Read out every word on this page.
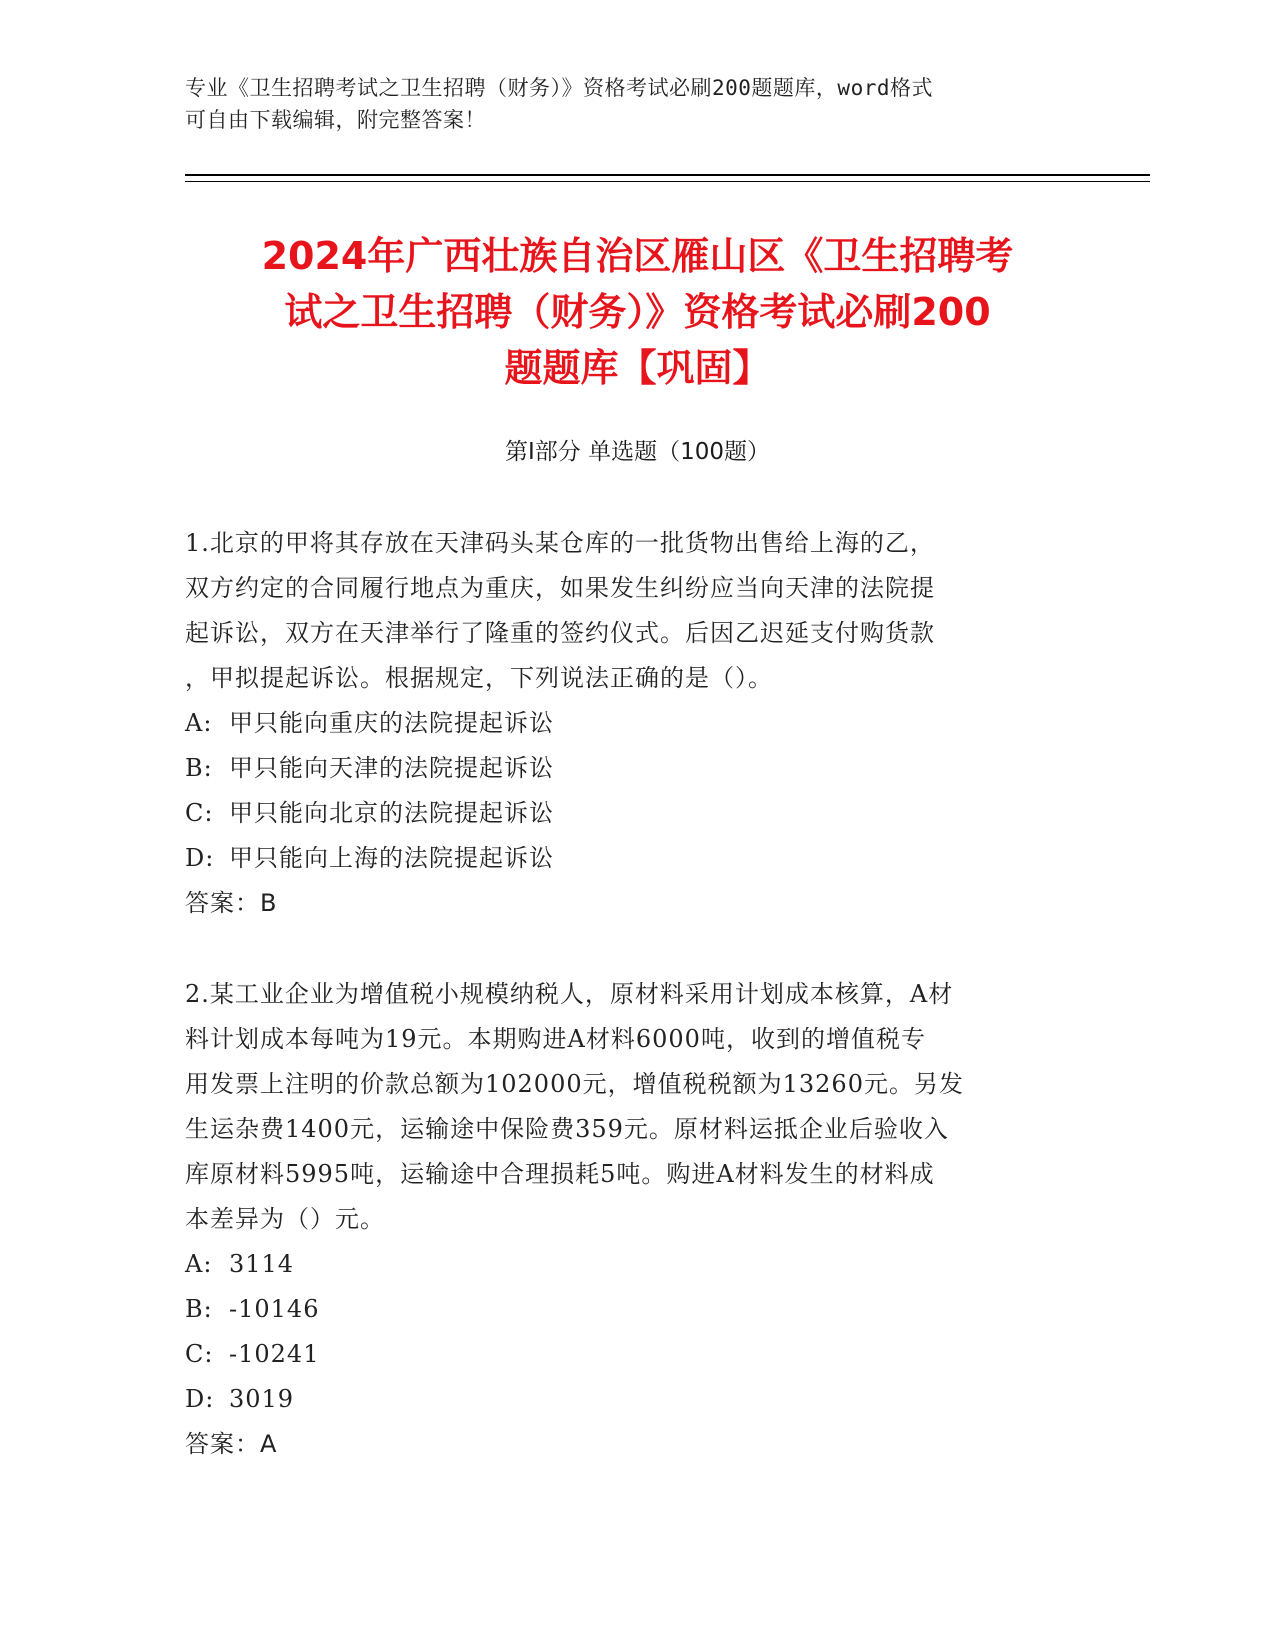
专业《卫生招聘考试之卫生招聘（财务）》资格考试必刷200题题库，word格式
可自由下载编辑，附完整答案！
2024年广西壮族自治区雁山区《卫生招聘考
试之卫生招聘（财务）》资格考试必刷200
题题库【巩固】
第Ⅰ部分 单选题（100题）

1.北京的甲将其存放在天津码头某仓库的一批货物出售给上海的乙，

双方约定的合同履行地点为重庆，如果发生纠纷应当向天津的法院提

起诉讼，双方在天津举行了隆重的签约仪式。后因乙迟延支付购货款

，甲拟提起诉讼。根据规定，下列说法正确的是（）。

A: 甲只能向重庆的法院提起诉讼

B: 甲只能向天津的法院提起诉讼

C: 甲只能向北京的法院提起诉讼

D: 甲只能向上海的法院提起诉讼

答案：B

2.某工业企业为增值税小规模纳税人，原材料采用计划成本核算，A材

料计划成本每吨为19元。本期购进A材料6000吨，收到的增值税专

用发票上注明的价款总额为102000元，增值税税额为13260元。另发

生运杂费1400元，运输途中保险费359元。原材料运抵企业后验收入

库原材料5995吨，运输途中合理损耗5吨。购进A材料发生的材料成

本差异为（）元。

A: 3114

B: -10146

C: -10241

D: 3019

答案：A
